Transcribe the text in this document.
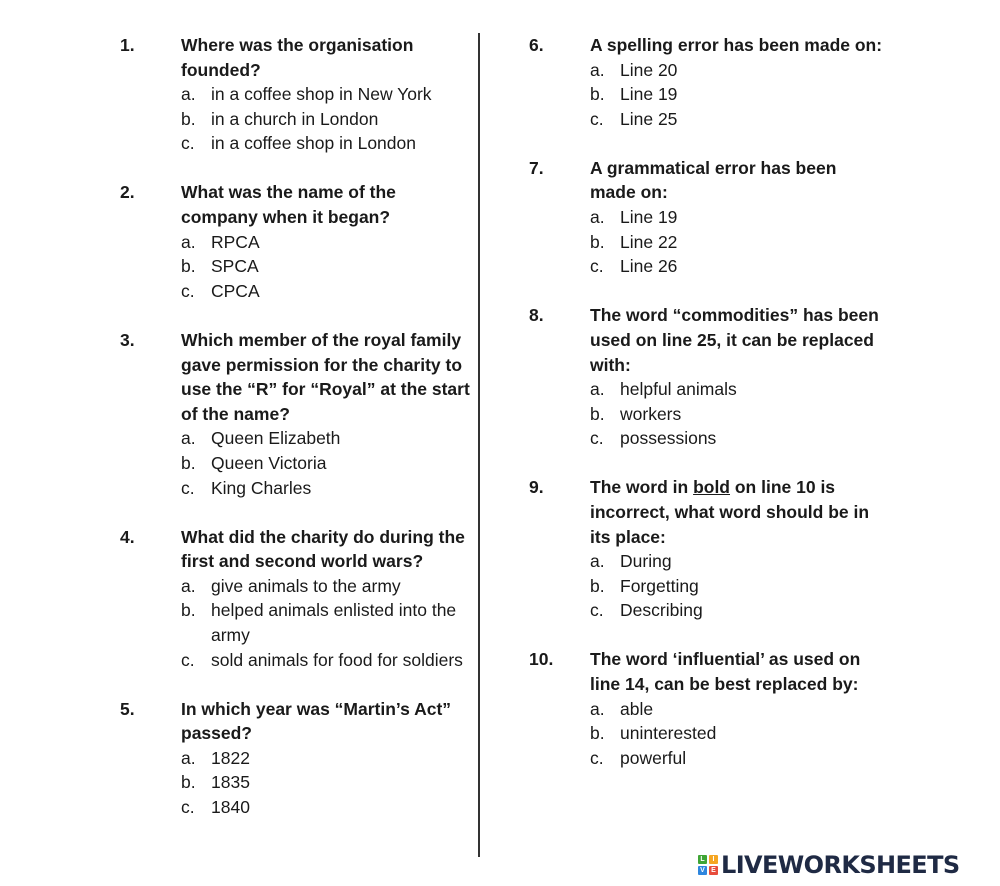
1.	Where was the organisation founded?
a. in a coffee shop in New York
b. in a church in London
c. in a coffee shop in London
2.	What was the name of the company when it began?
a. RPCA
b. SPCA
c. CPCA
3.	Which member of the royal family gave permission for the charity to use the “R” for “Royal” at the start of the name?
a. Queen Elizabeth
b. Queen Victoria
c. King Charles
4.	What did the charity do during the first and second world wars?
a. give animals to the army
b. helped animals enlisted into the army
c. sold animals for food for soldiers
5.	In which year was “Martin’s Act” passed?
a. 1822
b. 1835
c. 1840
6.	A spelling error has been made on:
a. Line 20
b. Line 19
c. Line 25
7.	A grammatical error has been made on:
a. Line 19
b. Line 22
c. Line 26
8.	The word “commodities” has been used on line 25, it can be replaced with:
a. helpful animals
b. workers
c. possessions
9.	The word in bold on line 10 is incorrect, what word should be in its place:
a. During
b. Forgetting
c. Describing
10.	The word ‘influential’ as used on line 14, can be best replaced by:
a. able
b. uninterested
c. powerful
L	I
V E LIVEWORKSHEETS
